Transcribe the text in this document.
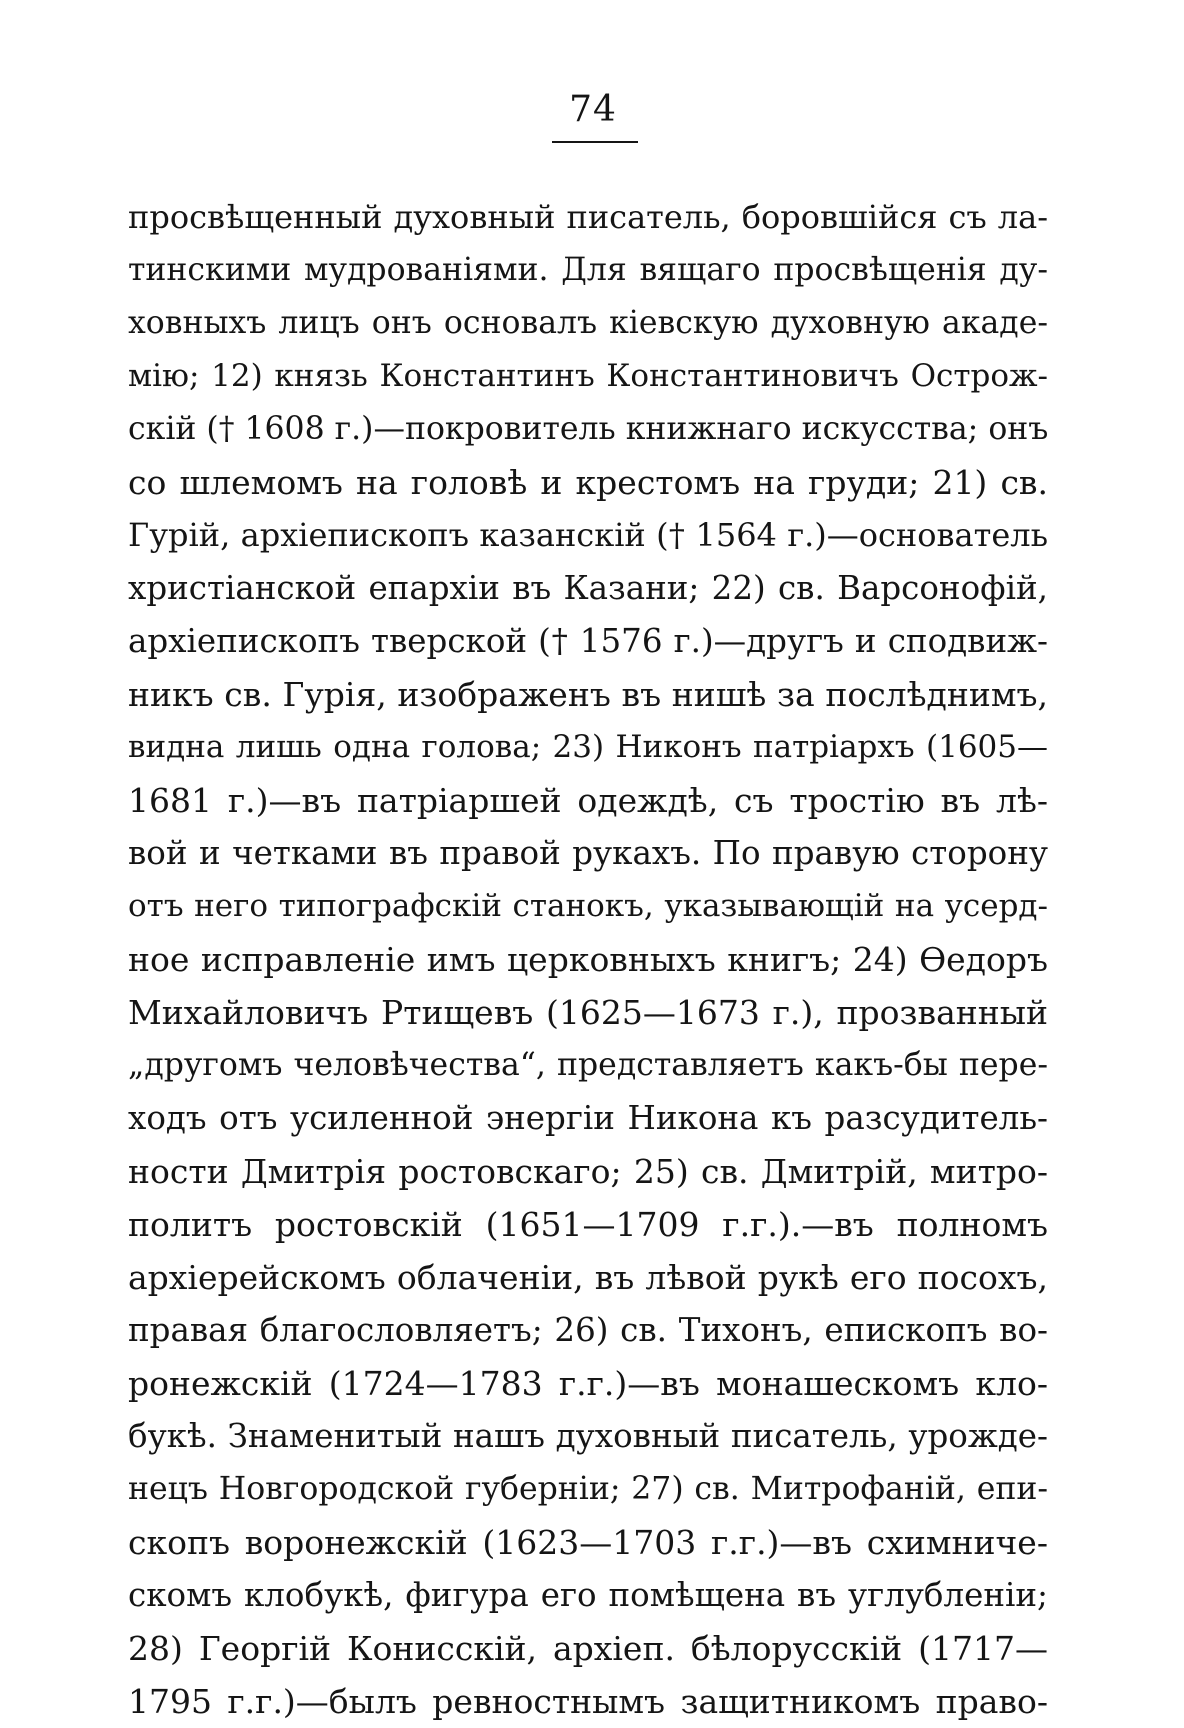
74
просвѣщенный духовный писатель, боровшійся съ ла-
тинскими мудрованіями. Для вящаго просвѣщенія ду-
ховныхъ лицъ онъ основалъ кіевскую духовную акаде-
мію; 12) князь Константинъ Константиновичъ Острож-
скій († 1608 г.)—покровитель книжнаго искусства; онъ
со шлемомъ на головѣ и крестомъ на груди; 21) св.
Гурій, архіепископъ казанскій († 1564 г.)—основатель
христіанской епархіи въ Казани; 22) св. Варсонофій,
архіепископъ тверской († 1576 г.)—другъ и сподвиж-
никъ св. Гурія, изображенъ въ нишѣ за послѣднимъ,
видна лишь одна голова; 23) Никонъ патріархъ (1605—
1681 г.)—въ патріаршей одеждѣ, съ тростію въ лѣ-
вой и четками въ правой рукахъ. По правую сторону
отъ него типографскій станокъ, указывающій на усерд-
ное исправленіе имъ церковныхъ книгъ; 24) Ѳедоръ
Михайловичъ Ртищевъ (1625—1673 г.), прозванный
„другомъ человѣчества“, представляетъ какъ-бы пере-
ходъ отъ усиленной энергіи Никона къ разсудитель-
ности Дмитрія ростовскаго; 25) св. Дмитрій, митро-
политъ ростовскій (1651—1709 г.г.).—въ полномъ
архіерейскомъ облаченіи, въ лѣвой рукѣ его посохъ,
правая благословляетъ; 26) св. Тихонъ, епископъ во-
ронежскій (1724—1783 г.г.)—въ монашескомъ кло-
букѣ. Знаменитый нашъ духовный писатель, урожде-
нецъ Новгородской губерніи; 27) св. Митрофаній, епи-
скопъ воронежскій (1623—1703 г.г.)—въ схимниче-
скомъ клобукѣ, фигура его помѣщена въ углубленіи;
28) Георгій Конисскій, архіеп. бѣлорусскій (1717—
1795 г.г.)—былъ ревностнымъ защитникомъ право-
